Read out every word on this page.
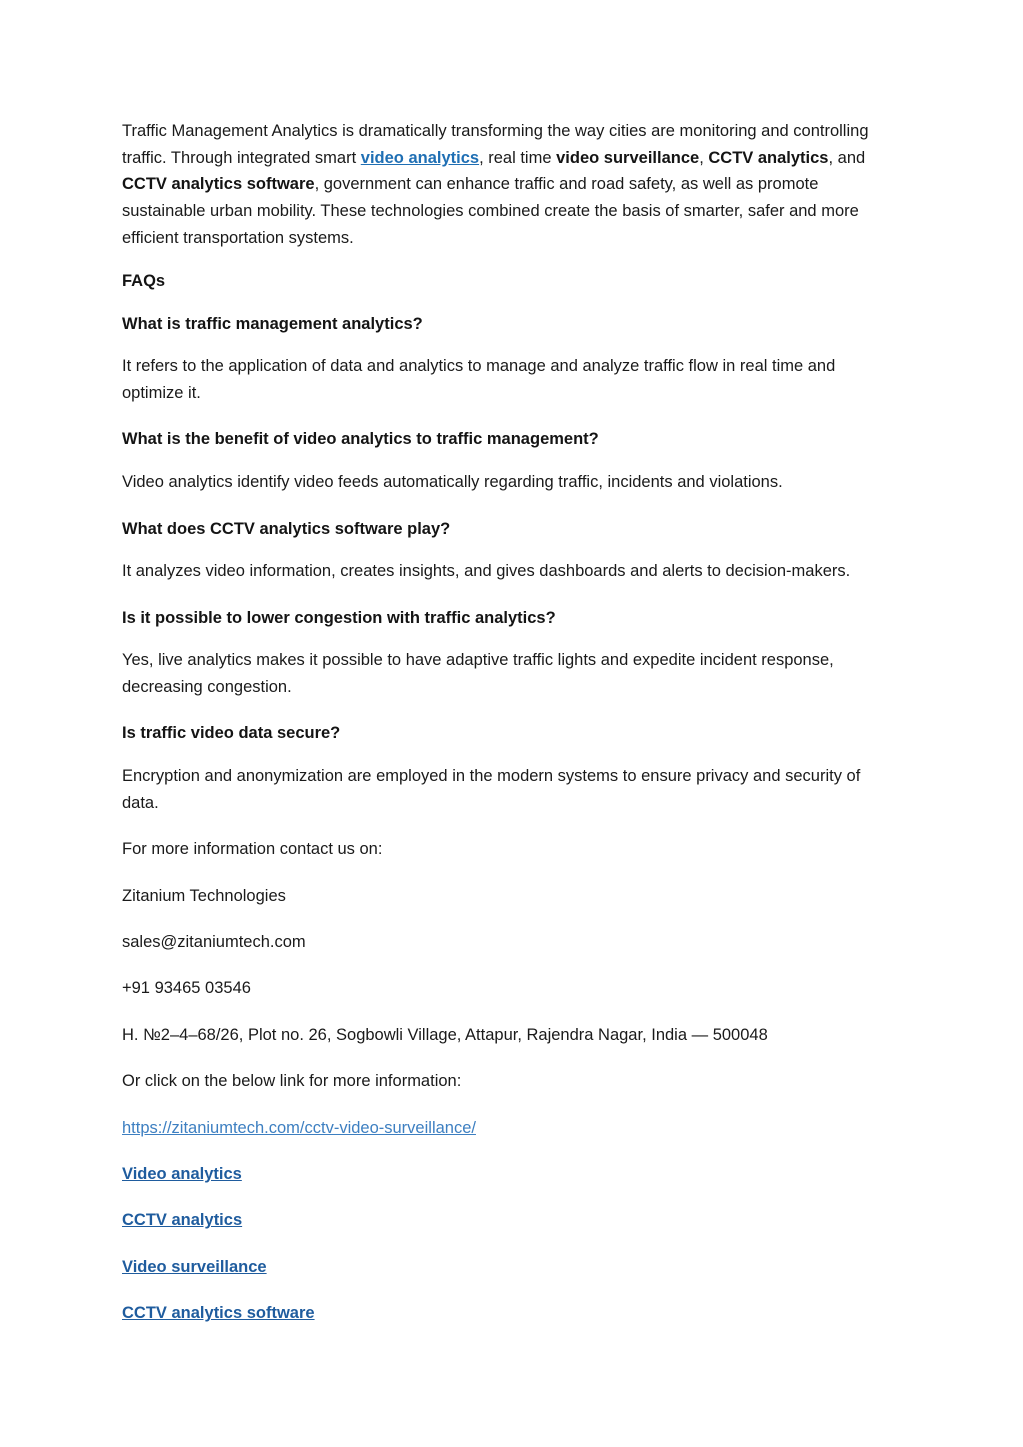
Traffic Management Analytics is dramatically transforming the way cities are monitoring and controlling traffic. Through integrated smart video analytics, real time video surveillance, CCTV analytics, and CCTV analytics software, government can enhance traffic and road safety, as well as promote sustainable urban mobility. These technologies combined create the basis of smarter, safer and more efficient transportation systems.

FAQs

What is traffic management analytics?

It refers to the application of data and analytics to manage and analyze traffic flow in real time and optimize it.

What is the benefit of video analytics to traffic management?

Video analytics identify video feeds automatically regarding traffic, incidents and violations.

What does CCTV analytics software play?

It analyzes video information, creates insights, and gives dashboards and alerts to decision-makers.

Is it possible to lower congestion with traffic analytics?

Yes, live analytics makes it possible to have adaptive traffic lights and expedite incident response, decreasing congestion.

Is traffic video data secure?

Encryption and anonymization are employed in the modern systems to ensure privacy and security of data.

For more information contact us on:

Zitanium Technologies

sales@zitaniumtech.com

+91 93465 03546

H. №2–4–68/26, Plot no. 26, Sogbowli Village, Attapur, Rajendra Nagar, India — 500048

Or click on the below link for more information:

https://zitaniumtech.com/cctv-video-surveillance/

Video analytics

CCTV analytics

Video surveillance

CCTV analytics software
